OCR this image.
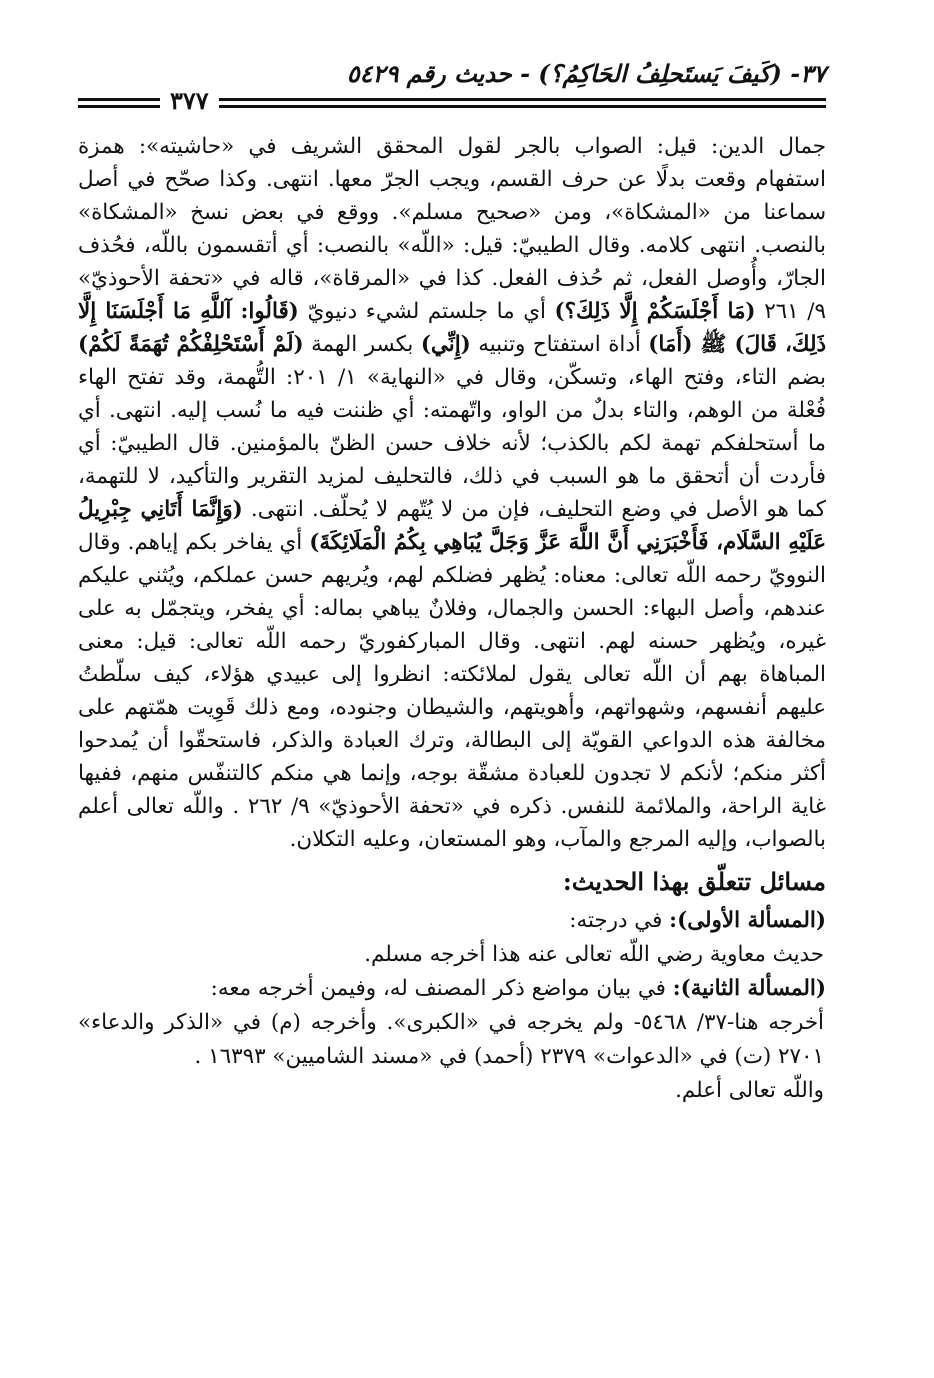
٣٧- (كَيفَ يَستَحلِفُ الحَاكِمُ؟) - حديث رقم ٥٤٢٩
٣٧٧

جمال الدين: قيل: الصواب بالجر لقول المحقق الشريف في «حاشيته»: همزة استفهام وقعت بدلًا عن حرف القسم، ويجب الجرّ معها. انتهى. وكذا صحّح في أصل سماعنا من «المشكاة»، ومن «صحيح مسلم». ووقع في بعض نسخ «المشكاة» بالنصب. انتهى كلامه. وقال الطيبيّ: قيل: «اللّه» بالنصب: أي أتقسمون باللّه، فحُذف الجارّ، وأُوصل الفعل، ثم حُذف الفعل. كذا في «المرقاة»، قاله في «تحفة الأحوذيّ» ٩/ ٢٦١ (مَا أَجْلَسَكُمْ إِلَّا ذَلِكَ؟) أي ما جلستم لشيء دنيويّ (قَالُوا: آللَّهِ مَا أَجْلَسَنَا إِلَّا ذَلِكَ، قَالَ) ﷺ (أَمَا) أداة استفتاح وتنبيه (إِنِّي) بكسر الهمة (لَمْ أَسْتَحْلِفْكُمْ تُهَمَةً لَكُمْ) بضم التاء، وفتح الهاء، وتسكّن، وقال في «النهاية» ١/ ٢٠١: التُّهمة، وقد تفتح الهاء فُعْلة من الوهم، والتاء بدلٌ من الواو، واتّهمته: أي ظننت فيه ما نُسب إليه. انتهى. أي ما أستحلفكم تهمة لكم بالكذب؛ لأنه خلاف حسن الظنّ بالمؤمنين. قال الطيبيّ: أي فأردت أن أتحقق ما هو السبب في ذلك، فالتحليف لمزيد التقرير والتأكيد، لا للتهمة، كما هو الأصل في وضع التحليف، فإن من لا يُتّهم لا يُحلّف. انتهى. (وَإِنَّمَا أَتَانِي جِبْرِيلُ عَلَيْهِ السَّلَام، فَأَخْبَرَنِي أَنَّ اللَّهَ عَزَّ وَجَلَّ يُبَاهِي بِكُمُ الْمَلَائِكَةَ) أي يفاخر بكم إياهم. وقال النوويّ رحمه اللّه تعالى: معناه: يُظهر فضلكم لهم، ويُريهم حسن عملكم، ويُثني عليكم عندهم، وأصل البهاء: الحسن والجمال، وفلانٌ يباهي بماله: أي يفخر، ويتجمّل به على غيره، ويُظهر حسنه لهم. انتهى. وقال المباركفوريّ رحمه اللّه تعالى: قيل: معنى المباهاة بهم أن اللّه تعالى يقول لملائكته: انظروا إلى عبيدي هؤلاء، كيف سلّطتُ عليهم أنفسهم، وشهواتهم، وأهويتهم، والشيطان وجنوده، ومع ذلك قَوِيت همّتهم على مخالفة هذه الدواعي القويّة إلى البطالة، وترك العبادة والذكر، فاستحقّوا أن يُمدحوا أكثر منكم؛ لأنكم لا تجدون للعبادة مشقّة بوجه، وإنما هي منكم كالتنفّس منهم، ففيها غاية الراحة، والملائمة للنفس. ذكره في «تحفة الأحوذيّ» ٩/ ٢٦٢ . واللّه تعالى أعلم بالصواب، وإليه المرجع والمآب، وهو المستعان، وعليه التكلان.

مسائل تتعلّق بهذا الحديث:

(المسألة الأولى): في درجته:

حديث معاوية رضي اللّه تعالى عنه هذا أخرجه مسلم.

(المسألة الثانية): في بيان مواضع ذكر المصنف له، وفيمن أخرجه معه:

أخرجه هنا-٣٧/ ٥٤٦٨- ولم يخرجه في «الكبرى». وأخرجه (م) في «الذكر والدعاء» ٢٧٠١ (ت) في «الدعوات» ٢٣٧٩ (أحمد) في «مسند الشاميين» ١٦٣٩٣ .

واللّه تعالى أعلم.
